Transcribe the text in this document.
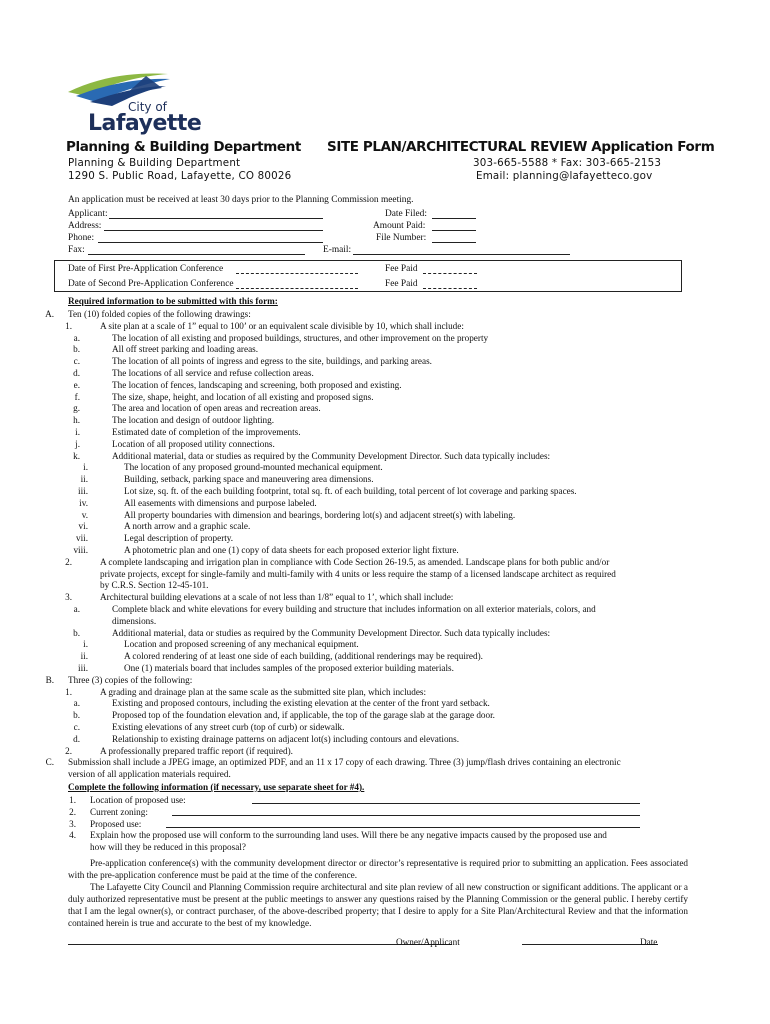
City of
Lafayette
Planning & Building Department SITE PLAN/ARCHITECTURAL REVIEW Application Form
Planning & Building Department
1290 S. Public Road, Lafayette, CO 80026
303-665-5588 * Fax: 303-665-2153
Email: planning@lafayetteco.gov
An application must be received at least 30 days prior to the Planning Commission meeting.
Applicant:
Address:
Phone:
Fax:	E-mail:
Date Filed:
Amount Paid:
File Number:
Date of First Pre-Application Conference	Fee Paid
Date of Second Pre-Application Conference	Fee Paid
Required information to be submitted with this form:
A. Ten (10) folded copies of the following drawings:
1.	A site plan at a scale of 1” equal to 100’ or an equivalent scale divisible by 10, which shall include:
a.	The location of all existing and proposed buildings, structures, and other improvement on the property
b.	All off street parking and loading areas.
c.	The location of all points of ingress and egress to the site, buildings, and parking areas.
d.	The locations of all service and refuse collection areas.
e.	The location of fences, landscaping and screening, both proposed and existing.
f.	The size, shape, height, and location of all existing and proposed signs.
g.	The area and location of open areas and recreation areas.
h.	The location and design of outdoor lighting.
i.	Estimated date of completion of the improvements.
j.	Location of all proposed utility connections.
k.	Additional material, data or studies as required by the Community Development Director. Such data typically includes:
i.	The location of any proposed ground-mounted mechanical equipment.
ii.	Building, setback, parking space and maneuvering area dimensions.
iii.	Lot size, sq. ft. of the each building footprint, total sq. ft. of each building, total percent of lot coverage and parking spaces.
iv.	All easements with dimensions and purpose labeled.
v.	All property boundaries with dimension and bearings, bordering lot(s) and adjacent street(s) with labeling.
vi.	A north arrow and a graphic scale.
vii.	Legal description of property.
viii.	A photometric plan and one (1) copy of data sheets for each proposed exterior light fixture.
2.	A complete landscaping and irrigation plan in compliance with Code Section 26-19.5, as amended. Landscape plans for both public and/or
private projects, except for single-family and multi-family with 4 units or less require the stamp of a licensed landscape architect as required
by C.R.S. Section 12-45-101.
3.	Architectural building elevations at a scale of not less than 1/8” equal to 1’, which shall include:
a.	Complete black and white elevations for every building and structure that includes information on all exterior materials, colors, and
dimensions.
b.	Additional material, data or studies as required by the Community Development Director. Such data typically includes:
i.	Location and proposed screening of any mechanical equipment.
ii.	A colored rendering of at least one side of each building, (additional renderings may be required).
iii.	One (1) materials board that includes samples of the proposed exterior building materials.
B. Three (3) copies of the following:
1.	A grading and drainage plan at the same scale as the submitted site plan, which includes:
a.	Existing and proposed contours, including the existing elevation at the center of the front yard setback.
b.	Proposed top of the foundation elevation and, if applicable, the top of the garage slab at the garage door.
c.	Existing elevations of any street curb (top of curb) or sidewalk.
d.	Relationship to existing drainage patterns on adjacent lot(s) including contours and elevations.
2.	A professionally prepared traffic report (if required).
C. Submission shall include a JPEG image, an optimized PDF, and an 11 x 17 copy of each drawing. Three (3) jump/flash drives containing an electronic
version of all application materials required.
Complete the following information (if necessary, use separate sheet for #4).
1. Location of proposed use:
2. Current zoning:
3. Proposed use:
4. Explain how the proposed use will conform to the surrounding land uses. Will there be any negative impacts caused by the proposed use and
how will they be reduced in this proposal?
Pre-application conference(s) with the community development director or director’s representative is required prior to submitting an application. Fees associated with the pre-application conference must be paid at the time of the conference.
The Lafayette City Council and Planning Commission require architectural and site plan review of all new construction or significant additions. The applicant or a duly authorized representative must be present at the public meetings to answer any questions raised by the Planning Commission or the general public. I hereby certify that I am the legal owner(s), or contract purchaser, of the above-described property; that I desire to apply for a Site Plan/Architectural Review and that the information contained herein is true and accurate to the best of my knowledge.
Owner/Applicant	Date
